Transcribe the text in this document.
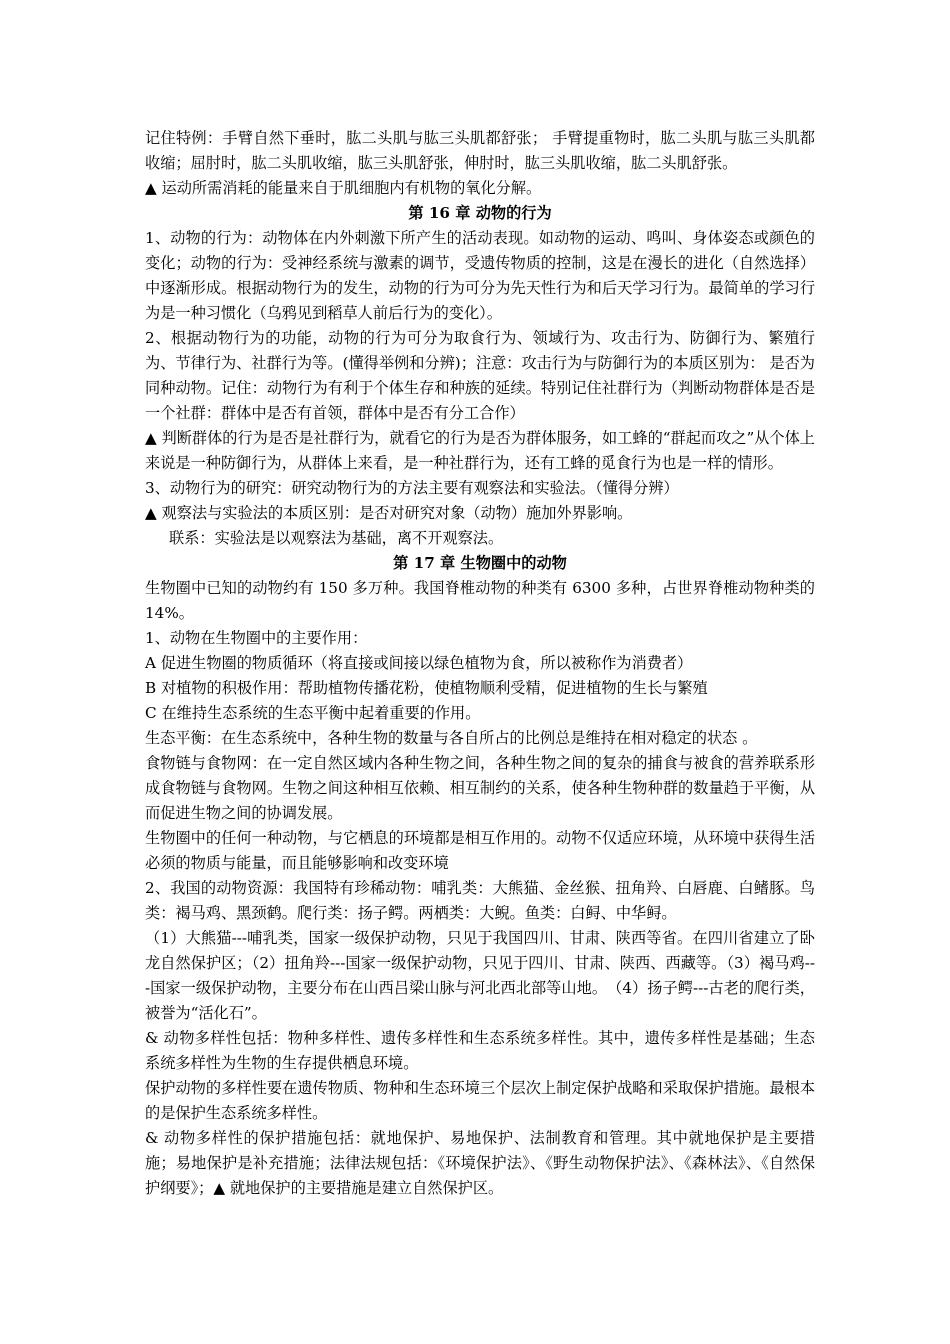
记住特例：手臂自然下垂时，肱二头肌与肱三头肌都舒张； 手臂提重物时，肱二头肌与肱三头肌都收缩；屈肘时，肱二头肌收缩，肱三头肌舒张，伸肘时，肱三头肌收缩，肱二头肌舒张。

▲ 运动所需消耗的能量来自于肌细胞内有机物的氧化分解。

第 16 章 动物的行为

1、动物的行为：动物体在内外刺激下所产生的活动表现。如动物的运动、鸣叫、身体姿态或颜色的变化；动物的行为：受神经系统与激素的调节，受遗传物质的控制，这是在漫长的进化（自然选择）中逐渐形成。根据动物行为的发生，动物的行为可分为先天性行为和后天学习行为。最简单的学习行为是一种习惯化（乌鸦见到稻草人前后行为的变化）。

2、根据动物行为的功能，动物的行为可分为取食行为、领域行为、攻击行为、防御行为、繁殖行为、节律行为、社群行为等。(懂得举例和分辨)；注意：攻击行为与防御行为的本质区别为： 是否为同种动物。记住：动物行为有利于个体生存和种族的延续。特别记住社群行为（判断动物群体是否是一个社群：群体中是否有首领，群体中是否有分工合作）

▲ 判断群体的行为是否是社群行为，就看它的行为是否为群体服务，如工蜂的“群起而攻之”从个体上来说是一种防御行为，从群体上来看，是一种社群行为，还有工蜂的觅食行为也是一样的情形。

3、动物行为的研究：研究动物行为的方法主要有观察法和实验法。（懂得分辨）

▲ 观察法与实验法的本质区别：是否对研究对象（动物）施加外界影响。

联系：实验法是以观察法为基础，离不开观察法。

第 17 章 生物圈中的动物

生物圈中已知的动物约有 150 多万种。我国脊椎动物的种类有 6300 多种，占世界脊椎动物种类的 14%。

1、动物在生物圈中的主要作用：

A 促进生物圈的物质循环（将直接或间接以绿色植物为食，所以被称作为消费者）

B 对植物的积极作用：帮助植物传播花粉，使植物顺利受精，促进植物的生长与繁殖

C 在维持生态系统的生态平衡中起着重要的作用。

生态平衡：在生态系统中，各种生物的数量与各自所占的比例总是维持在相对稳定的状态 。

食物链与食物网：在一定自然区域内各种生物之间，各种生物之间的复杂的捕食与被食的营养联系形成食物链与食物网。生物之间这种相互依赖、相互制约的关系，使各种生物种群的数量趋于平衡，从而促进生物之间的协调发展。

生物圈中的任何一种动物，与它栖息的环境都是相互作用的。动物不仅适应环境，从环境中获得生活必须的物质与能量，而且能够影响和改变环境

2、我国的动物资源：我国特有珍稀动物：哺乳类：大熊猫、金丝猴、扭角羚、白唇鹿、白鳍豚。鸟类：褐马鸡、黑颈鹤。爬行类：扬子鳄。两栖类：大鲵。鱼类：白鲟、中华鲟。

（1）大熊猫---哺乳类，国家一级保护动物，只见于我国四川、甘肃、陕西等省。在四川省建立了卧龙自然保护区；（2）扭角羚---国家一级保护动物，只见于四川、甘肃、陕西、西藏等。（3）褐马鸡---国家一级保护动物，主要分布在山西吕梁山脉与河北西北部等山地。　（4）扬子鳄---古老的爬行类，被誉为“活化石”。

& 动物多样性包括：物种多样性、遗传多样性和生态系统多样性。其中，遗传多样性是基础；生态系统多样性为生物的生存提供栖息环境。

保护动物的多样性要在遗传物质、物种和生态环境三个层次上制定保护战略和采取保护措施。最根本的是保护生态系统多样性。

& 动物多样性的保护措施包括：就地保护、易地保护、法制教育和管理。其中就地保护是主要措施；易地保护是补充措施；法律法规包括：《环境保护法》、《野生动物保护法》、《森林法》、《自然保护纲要》；▲ 就地保护的主要措施是建立自然保护区。
